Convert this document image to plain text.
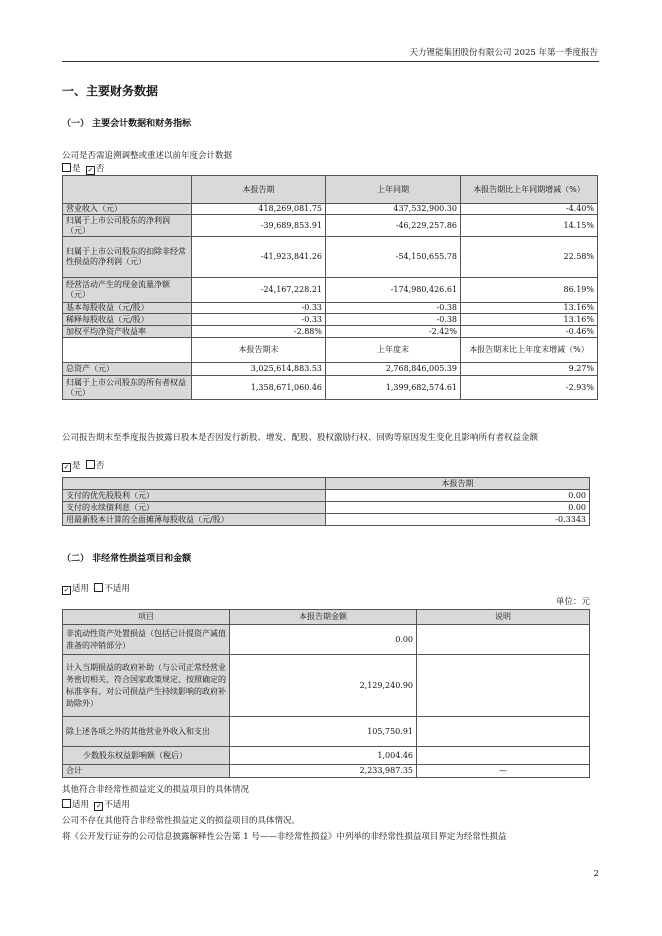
天力锂能集团股份有限公司 2025 年第一季度报告
一、主要财务数据
（一） 主要会计数据和财务指标
公司是否需追溯调整或重述以前年度会计数据
是 ✓ 否
	本报告期	上年同期	本报告期比上年同期增减（%）
营业收入（元）	418,269,081.75	437,532,900.30	-4.40%
归属于上市公司股东的净利润（元）	-39,689,853.91	-46,229,257.86	14.15%
归属于上市公司股东的扣除非经常性损益的净利润（元）	-41,923,841.26	-54,150,655.78	22.58%
经营活动产生的现金流量净额（元）	-24,167,228.21	-174,980,426.61	86.19%
基本每股收益（元/股）	-0.33	-0.38	13.16%
稀释每股收益（元/股）	-0.33	-0.38	13.16%
加权平均净资产收益率	-2.88%	-2.42%	-0.46%
	本报告期末	上年度末	本报告期末比上年度末增减（%）
总资产（元）	3,025,614,883.53	2,768,846,005.39	9.27%
归属于上市公司股东的所有者权益（元）	1,358,671,060.46	1,399,682,574.61	-2.93%
公司报告期末至季度报告披露日股本是否因发行新股、增发、配股、股权激励行权、回购等原因发生变化且影响所有者权益金额
✓ 是 否
	本报告期
支付的优先股股利（元）	0.00
支付的永续债利息（元）	0.00
用最新股本计算的全面摊薄每股收益（元/股）	-0.3343
（二） 非经常性损益项目和金额
✓ 适用 不适用
单位：元
项目	本报告期金额	说明
非流动性资产处置损益（包括已计提资产减值准备的冲销部分）	0.00	
计入当期损益的政府补助（与公司正常经营业务密切相关、符合国家政策规定、按照确定的标准享有、对公司损益产生持续影响的政府补助除外）	2,129,240.90	
除上述各项之外的其他营业外收入和支出	105,750.91	
少数股东权益影响额（税后）	1,004.46	
合计	2,233,987.35	—
其他符合非经常性损益定义的损益项目的具体情况
适用 ✓ 不适用
公司不存在其他符合非经常性损益定义的损益项目的具体情况。
将《公开发行证券的公司信息披露解释性公告第 1 号——非经常性损益》中列举的非经常性损益项目界定为经常性损益
2
